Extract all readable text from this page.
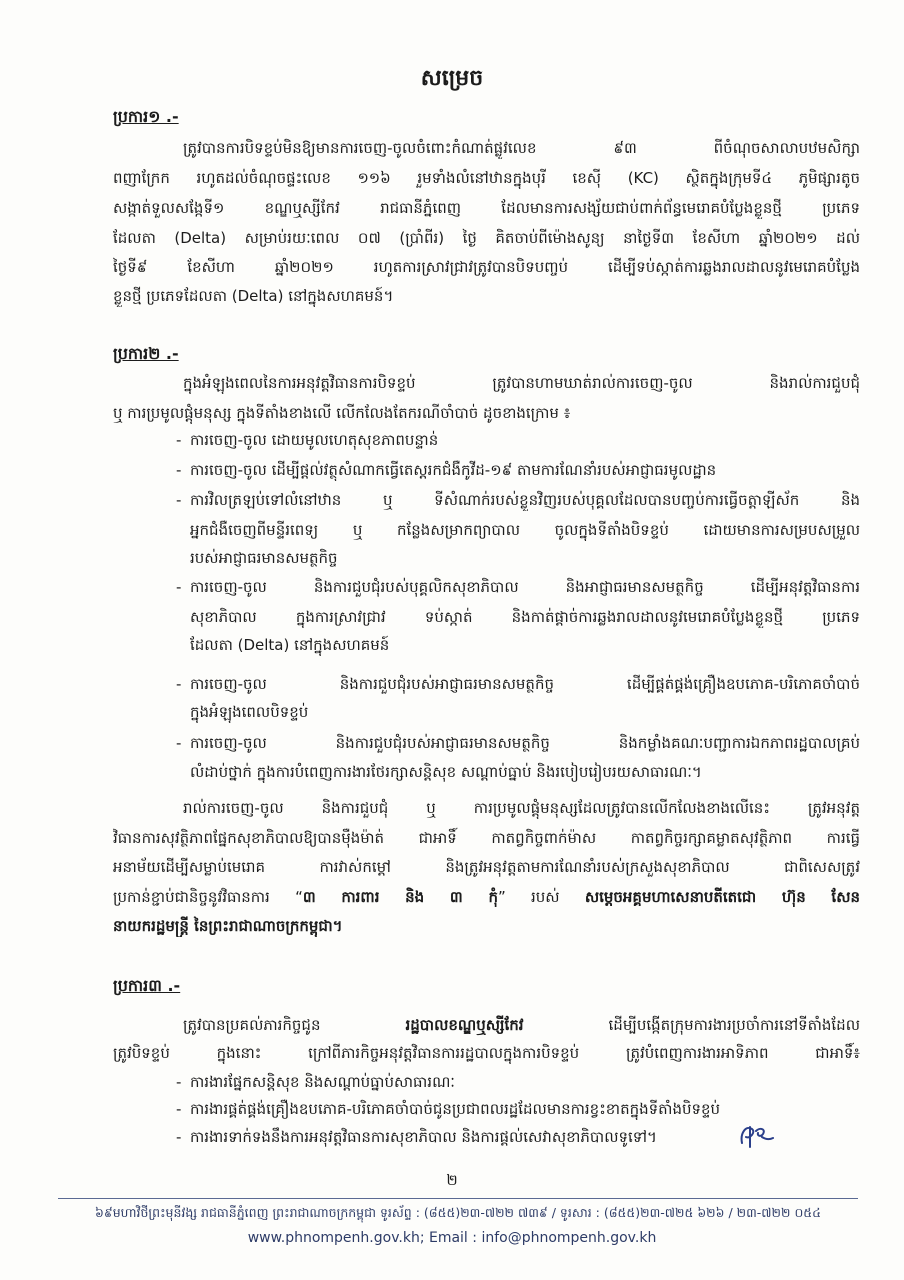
សម្រេច
ប្រការ១ .-
ត្រូវបានការបិទខ្ទប់មិនឱ្យមានការចេញ-ចូលចំពោះកំណាត់ផ្លូវលេខ ៩៣ ពីចំណុចសាលាបឋមសិក្សា
ពញាក្រែក រហូតដល់ចំណុចផ្ទះលេខ ១១៦ រួមទាំងលំនៅឋានក្នុងបុរី ខេស៊ី (KC) ស្ថិតក្នុងក្រុមទី៤ ភូមិផ្សារតូច
សង្កាត់ទួលសង្កែទី១ ខណ្ឌឬស្សីកែវ រាជធានីភ្នំពេញ ដែលមានការសង្ស័យជាប់ពាក់ព័ន្ធមេរោគបំប្លែងខ្លួនថ្មី ប្រភេទ
ដែលតា (Delta) សម្រាប់រយៈពេល ០៧ (ប្រាំពីរ) ថ្ងៃ គិតចាប់ពីម៉ោងសូន្យ នាថ្ងៃទី៣ ខែសីហា ឆ្នាំ២០២១ ដល់
ថ្ងៃទី៩ ខែសីហា ឆ្នាំ២០២១ រហូតការស្រាវជ្រាវត្រូវបានបិទបញ្ចប់ ដើម្បីទប់ស្កាត់ការឆ្លងរាលដាលនូវមេរោគបំប្លែង
ខ្លួនថ្មី ប្រភេទដែលតា (Delta) នៅក្នុងសហគមន៍។
ប្រការ២ .-
ក្នុងអំឡុងពេលនៃការអនុវត្តវិធានការបិទខ្ទប់ ត្រូវបានហាមឃាត់រាល់ការចេញ-ចូល និងរាល់ការជួបជុំ
ឬ ការប្រមូលផ្តុំមនុស្ស ក្នុងទីតាំងខាងលើ លើកលែងតែករណីចាំបាច់ ដូចខាងក្រោម ៖
- ការចេញ-ចូល ដោយមូលហេតុសុខភាពបន្ទាន់
- ការចេញ-ចូល ដើម្បីផ្តល់វត្ថុសំណាកធ្វើតេស្តរកជំងឺកូវីដ-១៩ តាមការណែនាំរបស់អាជ្ញាធរមូលដ្ឋាន
- ការវិលត្រឡប់ទៅលំនៅឋាន ឬ ទីសំណាក់របស់ខ្លួនវិញរបស់បុគ្គលដែលបានបញ្ចប់ការធ្វើចត្តាឡីស័ក និង
អ្នកជំងឺចេញពីមន្ទីរពេទ្យ ឬ កន្លែងសម្រាកព្យាបាល ចូលក្នុងទីតាំងបិទខ្ទប់ ដោយមានការសម្របសម្រួល
របស់អាជ្ញាធរមានសមត្ថកិច្ច
- ការចេញ-ចូល និងការជួបជុំរបស់បុគ្គលិកសុខាភិបាល និងអាជ្ញាធរមានសមត្ថកិច្ច ដើម្បីអនុវត្តវិធានការ
សុខាភិបាល ក្នុងការស្រាវជ្រាវ ទប់ស្កាត់ និងកាត់ផ្តាច់ការឆ្លងរាលដាលនូវមេរោគបំប្លែងខ្លួនថ្មី ប្រភេទ
ដែលតា (Delta) នៅក្នុងសហគមន៍
- ការចេញ-ចូល និងការជួបជុំរបស់អាជ្ញាធរមានសមត្ថកិច្ច ដើម្បីផ្គត់ផ្គង់គ្រឿងឧបភោគ-បរិភោគចាំបាច់
ក្នុងអំឡុងពេលបិទខ្ទប់
- ការចេញ-ចូល និងការជួបជុំរបស់អាជ្ញាធរមានសមត្ថកិច្ច និងកម្លាំងគណៈបញ្ជាការឯកភាពរដ្ឋបាលគ្រប់
លំដាប់ថ្នាក់ ក្នុងការបំពេញការងារថែរក្សាសន្តិសុខ សណ្តាប់ធ្នាប់ និងរបៀបរៀបរយសាធារណៈ។
រាល់ការចេញ-ចូល និងការជួបជុំ ឬ ការប្រមូលផ្តុំមនុស្សដែលត្រូវបានលើកលែងខាងលើនេះ ត្រូវអនុវត្ត
វិធានការសុវត្ថិភាពផ្នែកសុខាភិបាលឱ្យបានម៉ឺងម៉ាត់ ជាអាទិ៍ កាតព្វកិច្ចពាក់ម៉ាស កាតព្វកិច្ចរក្សាគម្លាតសុវត្ថិភាព ការធ្វើ
អនាម័យដើម្បីសម្លាប់មេរោគ ការវាស់កម្ដៅ និងត្រូវអនុវត្តតាមការណែនាំរបស់ក្រសួងសុខាភិបាល ជាពិសេសត្រូវ
ប្រកាន់ខ្ជាប់ជានិច្ចនូវវិធានការ “៣ ការពារ និង ៣ កុំ” របស់ សម្តេចអគ្គមហាសេនាបតីតេជោ ហ៊ុន សែន
នាយករដ្ឋមន្ត្រី នៃព្រះរាជាណាចក្រកម្ពុជា។
ប្រការ៣ .-
ត្រូវបានប្រគល់ភារកិច្ចជូន រដ្ឋបាលខណ្ឌឬស្សីកែវ ដើម្បីបង្កើតក្រុមការងារប្រចាំការនៅទីតាំងដែល
ត្រូវបិទខ្ទប់ ក្នុងនោះ ក្រៅពីភារកិច្ចអនុវត្តវិធានការរដ្ឋបាលក្នុងការបិទខ្ទប់ ត្រូវបំពេញការងារអាទិភាព ជាអាទិ៍៖
- ការងារផ្នែកសន្តិសុខ និងសណ្តាប់ធ្នាប់សាធារណៈ
- ការងារផ្គត់ផ្គង់គ្រឿងឧបភោគ-បរិភោគចាំបាច់ជូនប្រជាពលរដ្ឋដែលមានការខ្វះខាតក្នុងទីតាំងបិទខ្ទប់
- ការងារទាក់ទងនឹងការអនុវត្តវិធានការសុខាភិបាល និងការផ្តល់សេវាសុខាភិបាលទូទៅ។
២
៦៩មហាវិថីព្រះមុនីវង្ស រាជធានីភ្នំពេញ ព្រះរាជាណាចក្រកម្ពុជា ទូរស័ព្ទ : (៨៥៥)២៣-៧២២ ៧៣៩ / ទូរសារ : (៨៥៥)២៣-៧២៥ ៦២៦ / ២៣-៧២២ ០៥៤
www.phnompenh.gov.kh; Email : info@phnompenh.gov.kh
